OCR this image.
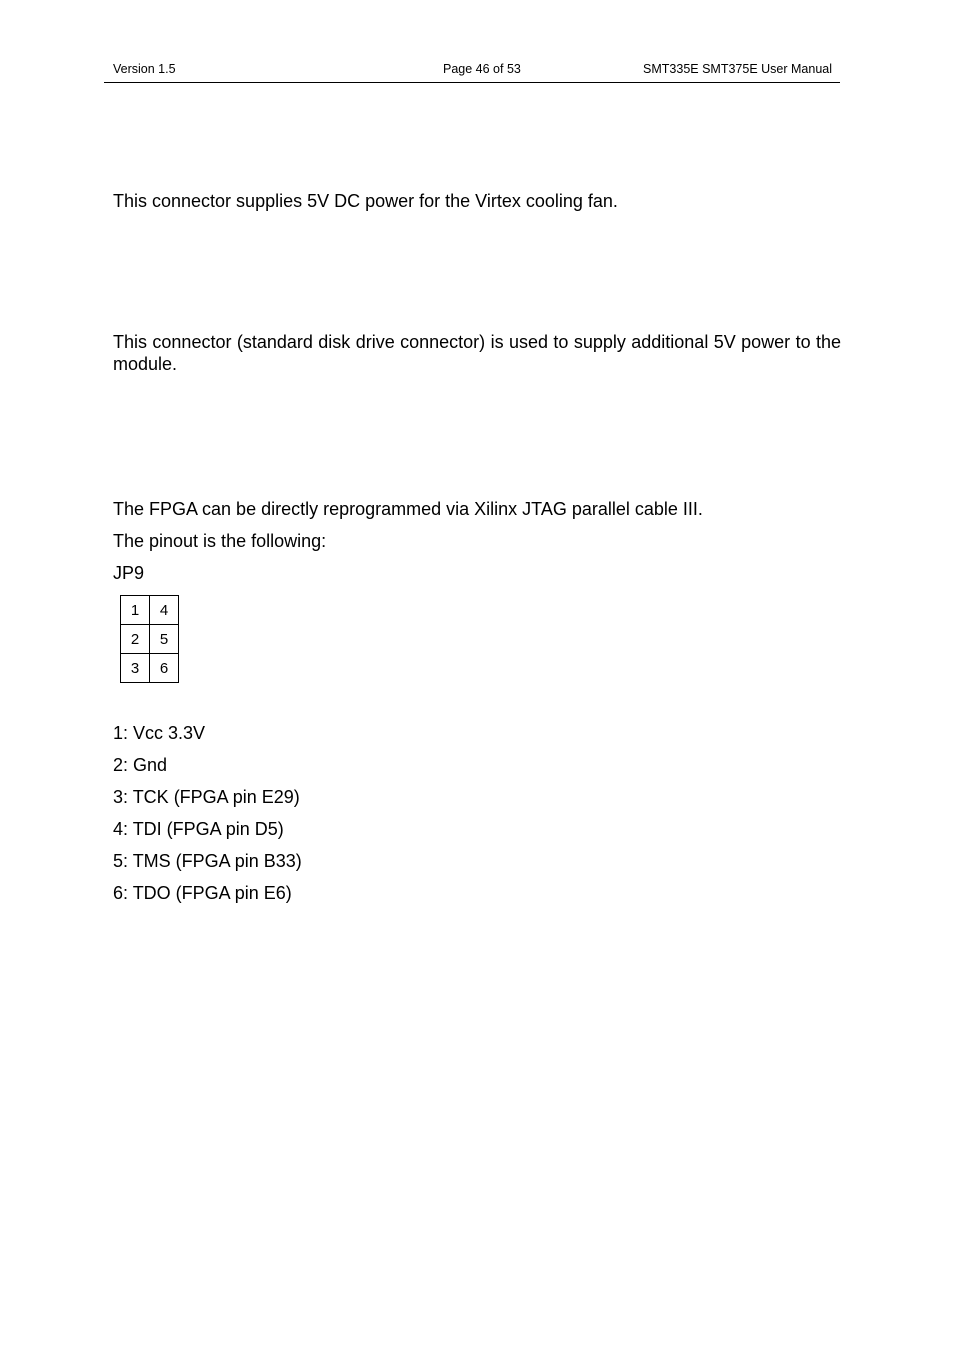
Version 1.5	Page 46 of 53	SMT335E SMT375E User Manual

This connector supplies 5V DC power for the Virtex cooling fan.

This connector (standard disk drive connector) is used to supply additional 5V power to the module.

The FPGA can be directly reprogrammed via Xilinx JTAG parallel cable III.

The pinout is the following:

JP9

1	4
2	5
3	6
1: Vcc 3.3V
2: Gnd
3: TCK (FPGA pin E29)
4: TDI (FPGA pin D5)
5: TMS (FPGA pin B33)
6: TDO (FPGA pin E6)
